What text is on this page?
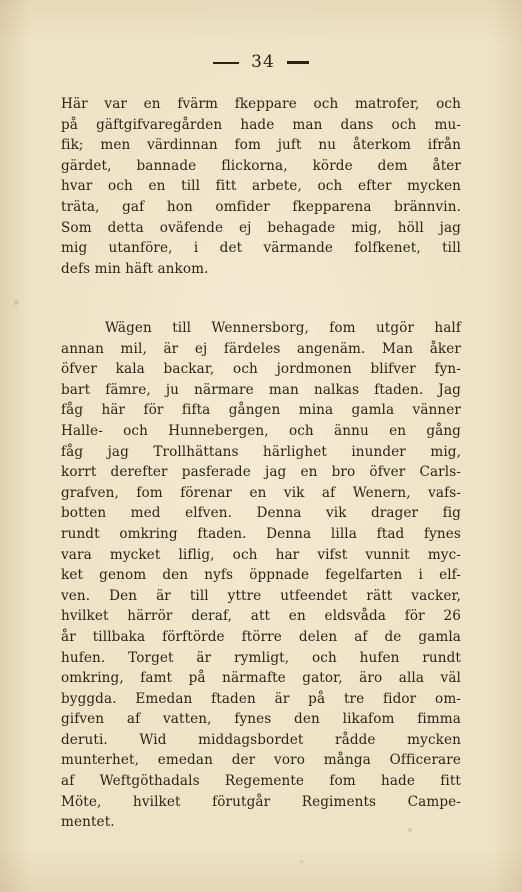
34
Här var en fvärm fkeppare och matrofer, och
på gäftgifvaregården hade man dans och mu-
fik; men värdinnan fom juft nu återkom ifrån
gärdet, bannade flickorna, körde dem åter
hvar och en till fitt arbete, och efter mycken
träta, gaf hon omfider fkepparena brännvin.
Som detta oväfende ej behagade mig, höll jag
mig utanföre, i det värmande folfkenet, till
defs min häft ankom.
Wägen till Wennersborg, fom utgör half
annan mil, är ej färdeles angenäm. Man åker
öfver kala backar, och jordmonen blifver fyn-
bart fämre, ju närmare man nalkas ftaden. Jag
fåg här för fifta gången mina gamla vänner
Halle- och Hunnebergen, och ännu en gång
fåg jag Trollhättans härlighet inunder mig,
korrt derefter pasferade jag en bro öfver Carls-
grafven, fom förenar en vik af Wenern, vafs-
botten med elfven. Denna vik drager fig
rundt omkring ftaden. Denna lilla ftad fynes
vara mycket liflig, och har vifst vunnit myc-
ket genom den nyfs öppnade fegelfarten i elf-
ven. Den är till yttre utfeendet rätt vacker,
hvilket härrör deraf, att en eldsvåda för 26
år tillbaka förftörde ftörre delen af de gamla
hufen. Torget är rymligt, och hufen rundt
omkring, famt på närmafte gator, äro alla väl
byggda. Emedan ftaden är på tre fidor om-
gifven af vatten, fynes den likafom fimma
deruti. Wid middagsbordet rådde mycken
munterhet, emedan der voro många Officerare
af Weftgöthadals Regemente fom hade fitt
Möte, hvilket förutgår Regiments Campe-
mentet.
